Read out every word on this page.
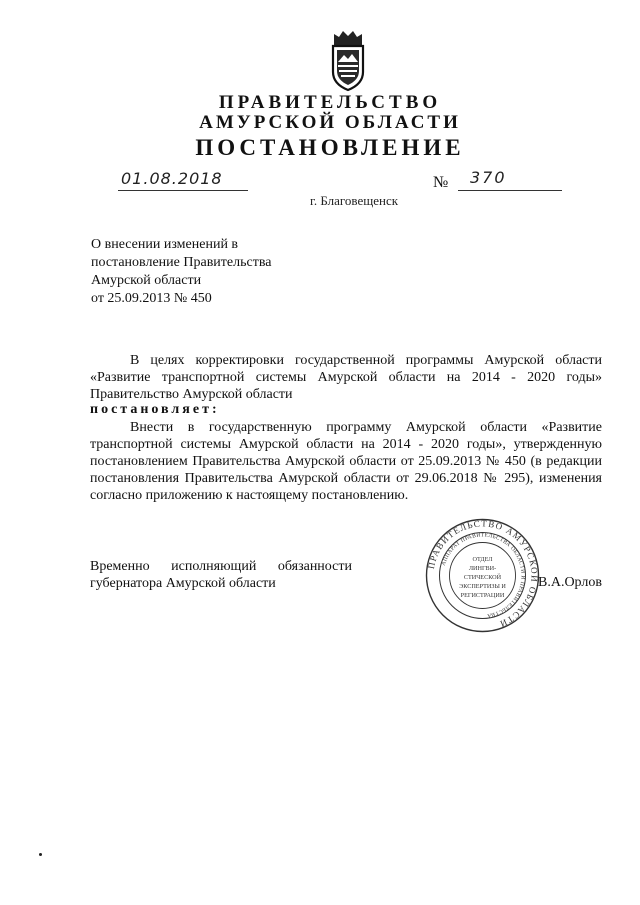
ПРАВИТЕЛЬСТВО
АМУРСКОЙ ОБЛАСТИ
ПОСТАНОВЛЕНИЕ
01.08.2018	№ 370
г. Благовещенск
О внесении изменений в
постановление Правительства
Амурской области
от 25.09.2013 № 450
В целях корректировки государственной программы Амурской области «Развитие транспортной системы Амурской области на 2014 - 2020 годы» Правительство Амурской области
постановляет:
Внести в государственную программу Амурской области «Развитие транспортной системы Амурской области на 2014 - 2020 годы», утвержденную постановлением Правительства Амурской области от 25.09.2013 № 450 (в редакции постановления Правительства Амурской области от 29.06.2018 № 295), изменения согласно приложению к настоящему постановлению.
Временно исполняющий обязанности
губернатора Амурской области
ПРАВИТЕЛЬСТВО АМУРСКОЙ ОБЛАСТИ
АППАРАТ ПРАВИТЕЛЬСТВА ОБЛАСТИ И ПРАВИТЕЛЬСТВА
ОТДЕЛ
ЛИНГВИ-
СТИЧЕСКОЙ
ЭКСПЕРТИЗЫ И
РЕГИСТРАЦИИ
В.А.Орлов
